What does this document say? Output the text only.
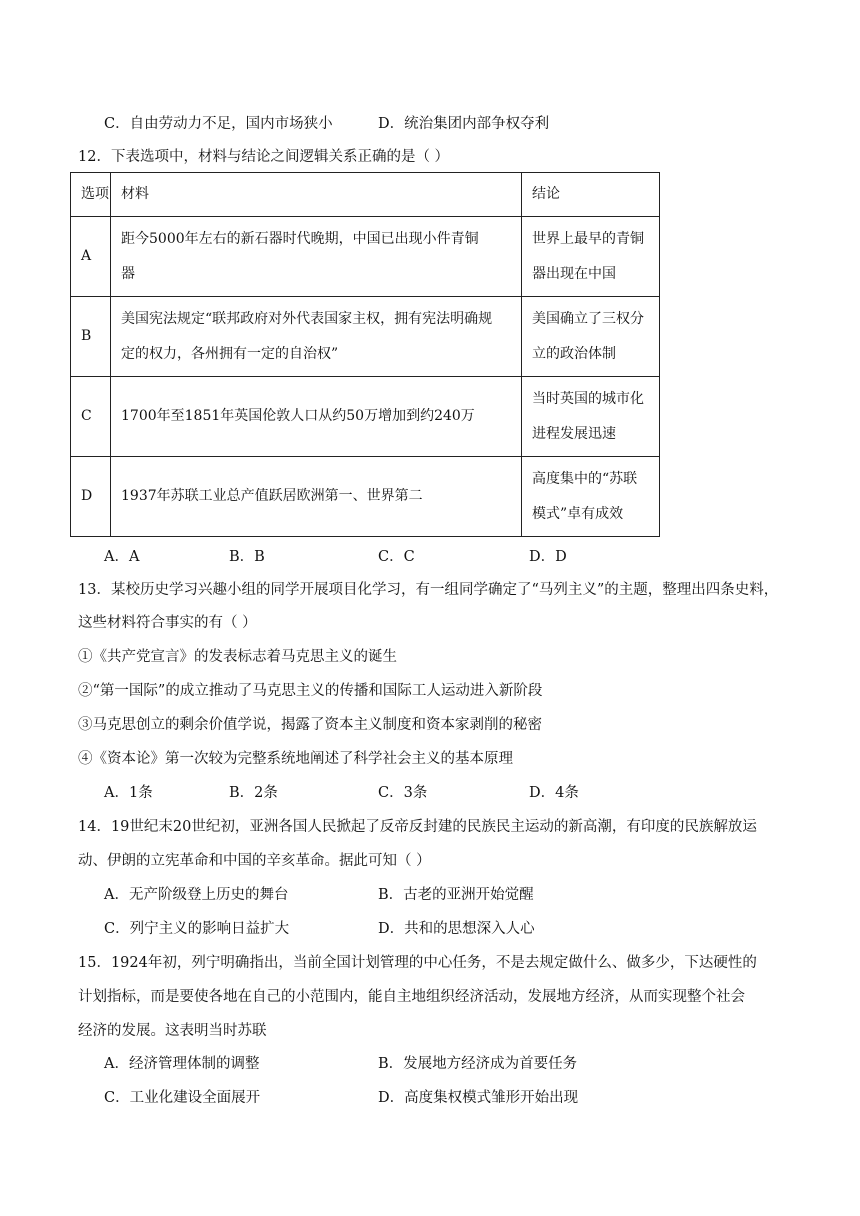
C．自由劳动力不足，国内市场狭小	D．统治集团内部争权夺利
12．下表选项中，材料与结论之间逻辑关系正确的是（ ）
选项	材料	结论
A	距今5000年左右的新石器时代晚期，中国已出现小件青铜
器	世界上最早的青铜
器出现在中国

B	美国宪法规定“联邦政府对外代表国家主权，拥有宪法明确规
定的权力，各州拥有一定的自治权”	美国确立了三权分
立的政治体制

C	1700年至1851年英国伦敦人口从约50万增加到约240万	当时英国的城市化
进程发展迅速

D	1937年苏联工业总产值跃居欧洲第一、世界第二	高度集中的“苏联
模式”卓有成效
A．A	B．B	C．C	D．D
13．某校历史学习兴趣小组的同学开展项目化学习，有一组同学确定了“马列主义”的主题，整理出四条史料，
这些材料符合事实的有（ ）
①《共产党宣言》的发表标志着马克思主义的诞生
②“第一国际”的成立推动了马克思主义的传播和国际工人运动进入新阶段
③马克思创立的剩余价值学说，揭露了资本主义制度和资本家剥削的秘密
④《资本论》第一次较为完整系统地阐述了科学社会主义的基本原理
A．1条	B．2条	C．3条	D．4条
14．19世纪末20世纪初，亚洲各国人民掀起了反帝反封建的民族民主运动的新高潮，有印度的民族解放运
动、伊朗的立宪革命和中国的辛亥革命。据此可知（ ）
A．无产阶级登上历史的舞台	B．古老的亚洲开始觉醒
C．列宁主义的影响日益扩大	D．共和的思想深入人心
15．1924年初，列宁明确指出，当前全国计划管理的中心任务，不是去规定做什么、做多少，下达硬性的
计划指标，而是要使各地在自己的小范围内，能自主地组织经济活动，发展地方经济，从而实现整个社会
经济的发展。这表明当时苏联
A．经济管理体制的调整	B．发展地方经济成为首要任务
C．工业化建设全面展开	D．高度集权模式雏形开始出现
